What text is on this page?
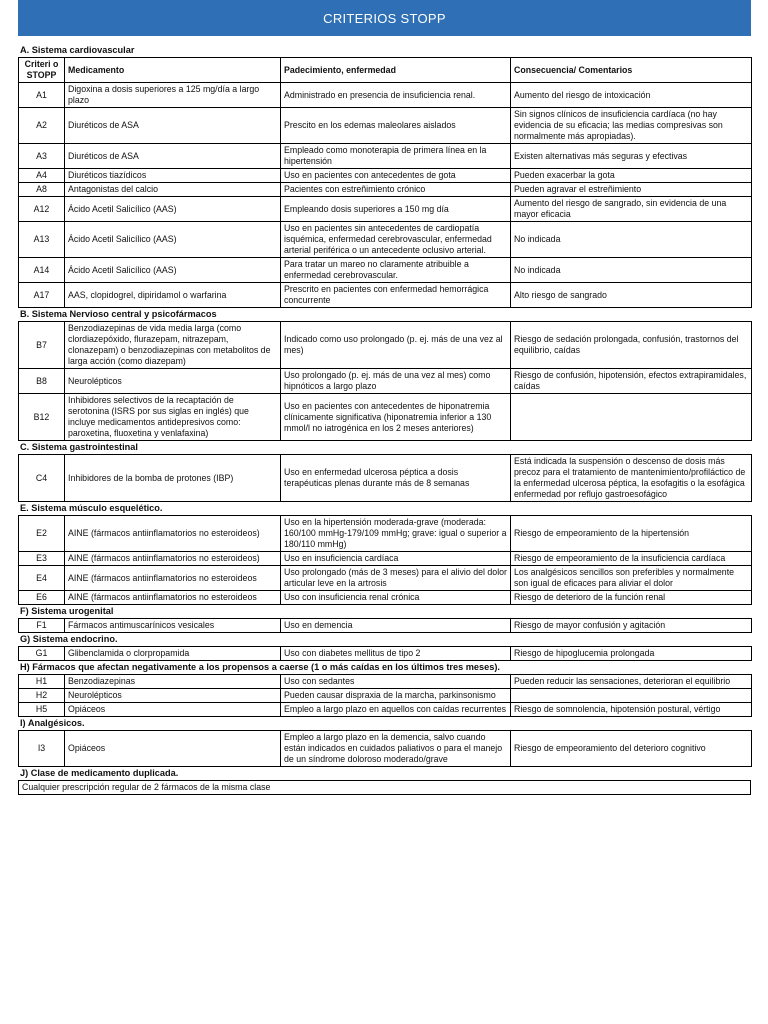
CRITERIOS STOPP
A. Sistema cardiovascular
Criteri o STOPP	Medicamento	Padecimiento, enfermedad	Consecuencia/ Comentarios
A1	Digoxina a dosis superiores a 125 mg/día a largo plazo	Administrado en presencia de insuficiencia renal.	Aumento del riesgo de intoxicación
A2	Diuréticos de ASA	Prescito en los edemas maleolares aislados	Sin signos clínicos de insuficiencia cardíaca (no hay evidencia de su eficacia; las medias compresivas son normalmente más apropiadas).
A3	Diuréticos de ASA	Empleado como monoterapia de primera línea en la hipertensión	Existen alternativas más seguras y efectivas
A4	Diuréticos tiazídicos	Uso en pacientes con antecedentes de gota	Pueden exacerbar la gota
A8	Antagonistas del calcio	Pacientes con estreñimiento crónico	Pueden agravar el estreñimiento
A12	Ácido Acetil Salicílico (AAS)	Empleando dosis superiores a 150 mg día	Aumento del riesgo de sangrado, sin evidencia de una mayor eficacia
A13	Ácido Acetil Salicílico (AAS)	Uso en pacientes sin antecedentes de cardiopatía isquémica, enfermedad cerebrovascular, enfermedad arterial periférica o un antecedente oclusivo arterial.	No indicada
A14	Ácido Acetil Salicílico (AAS)	Para tratar un mareo no claramente atribuible a enfermedad cerebrovascular.	No indicada
A17	AAS, clopidogrel, dipiridamol o warfarina	Prescrito en pacientes con enfermedad hemorrágica concurrente	Alto riesgo de sangrado
B. Sistema Nervioso central y psicofármacos
B7	Benzodiazepinas de vida media larga (como clordiazepóxido, flurazepam, nitrazepam, clonazepam) o benzodiazepinas con metabolitos de larga acción (como diazepam)	Indicado como uso prolongado (p. ej. más de una vez al mes)	Riesgo de sedación prolongada, confusión, trastornos del equilibrio, caídas
B8	Neurolépticos	Uso prolongado (p. ej. más de una vez al mes) como hipnóticos a largo plazo	Riesgo de confusión, hipotensión, efectos extrapiramidales, caídas
B12	Inhibidores selectivos de la recaptación de serotonina (ISRS por sus siglas en inglés) que incluye medicamentos antidepresivos como: paroxetina, fluoxetina y venlafaxina)	Uso en pacientes con antecedentes de hiponatremia clínicamente significativa (hiponatremia inferior a 130 mmol/l no iatrogénica en los 2 meses anteriores)	
C. Sistema gastrointestinal
C4	Inhibidores de la bomba de protones (IBP)	Uso en enfermedad ulcerosa péptica a dosis terapéuticas plenas durante más de 8 semanas	Está indicada la suspensión o descenso de dosis más precoz para el tratamiento de mantenimiento/profiláctico de la enfermedad ulcerosa péptica, la esofagitis o la esofágica enfermedad por reflujo gastroesofágico
E. Sistema músculo esquelético.
E2	AINE (fármacos antiinflamatorios no esteroideos)	Uso en la hipertensión moderada-grave (moderada: 160/100 mmHg-179/109 mmHg; grave: igual o superior a 180/110 mmHg)	Riesgo de empeoramiento de la hipertensión
E3	AINE (fármacos antiinflamatorios no esteroideos)	Uso en insuficiencia cardíaca	Riesgo de empeoramiento de la insuficiencia cardíaca
E4	AINE (fármacos antiinflamatorios no esteroideos	Uso prolongado (más de 3 meses) para el alivio del dolor articular leve en la artrosis	Los analgésicos sencillos son preferibles y normalmente son igual de eficaces para aliviar el dolor
E6	AINE (fármacos antiinflamatorios no esteroideos	Uso con insuficiencia renal crónica	Riesgo de deterioro de la función renal
F) Sistema urogenital
F1	Fármacos antimuscarínicos vesicales	Uso en demencia	Riesgo de mayor confusión y agitación
G) Sistema endocrino.
G1	Glibenclamida o clorpropamida	Uso con diabetes mellitus de tipo 2	Riesgo de hipoglucemia prolongada
H) Fármacos que afectan negativamente a los propensos a caerse (1 o más caídas en los últimos tres meses).
H1	Benzodiazepinas	Uso con sedantes	Pueden reducir las sensaciones, deterioran el equilibrio
H2	Neurolépticos	Pueden causar dispraxia de la marcha, parkinsonismo	
H5	Opiáceos	Empleo a largo plazo en aquellos con caídas recurrentes	Riesgo de somnolencia, hipotensión postural, vértigo
I) Analgésicos.
I3	Opiáceos	Empleo a largo plazo en la demencia, salvo cuando están indicados en cuidados paliativos o para el manejo de un síndrome doloroso moderado/grave	Riesgo de empeoramiento del deterioro cognitivo
J) Clase de medicamento duplicada.
Cualquier prescripción regular de 2 fármacos de la misma clase
